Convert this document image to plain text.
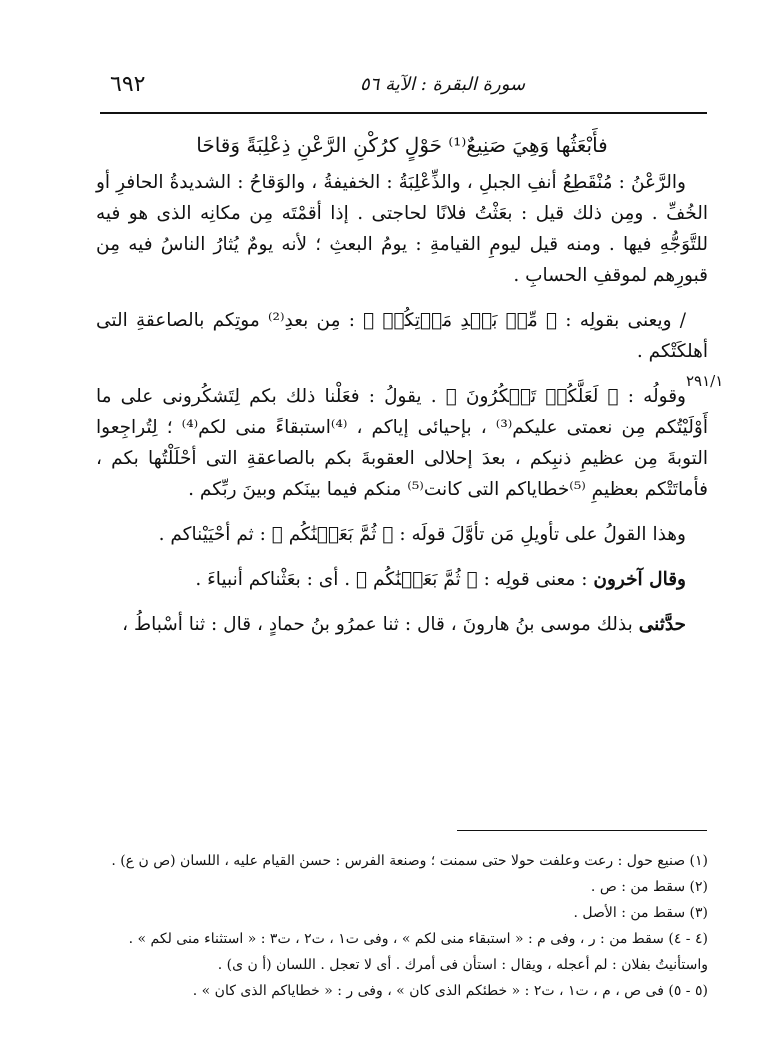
٦٩٢	سورة البقرة : الآية ٥٦
٢٩١/١

فأَبْعَثُها وَهِيَ صَنِيعٌ⁽¹⁾ حَوْلٍ كرُكْنِ الرَّعْنِ ذِعْلِبَةً وَقاحَا

والرَّعْنُ : مُنْقَطِعُ أنفِ الجبلِ ، والذِّعْلِبَةُ : الخفيفةُ ، والوَقاحُ : الشديدةُ الحافرِ أو الخُفِّ . ومِن ذلك قيل : بعَثْتُ فلانًا لحاجتى . إذا أقمْتَه مِن مكانِه الذى هو فيه للتَّوَجُّهِ فيها . ومنه قيل ليومِ القيامةِ : يومُ البعثِ ؛ لأنه يومٌ يُثارُ الناسُ فيه مِن قبورِهم لموقفِ الحسابِ .

/ ويعنى بقولِه : ﴿ مِّنۢ بَعۡدِ مَوۡتِكُمۡ ﴾ : مِن بعدِ⁽²⁾ موتِكم بالصاعقةِ التى أهلكَتْكم .

وقولُه : ﴿ لَعَلَّكُمۡ تَشۡكُرُونَ ﴾ . يقولُ : فعَلْنا ذلك بكم لِتَشكُرونى على ما أَوْلَيْتُكم مِن نعمتى عليكم⁽³⁾ ، بإحيائى إياكم ، ⁽⁴⁾استبقاءً منى لكم⁽⁴⁾ ؛ لِتُراجِعوا التوبةَ مِن عظيمِ ذنبِكم ، بعدَ إحلالى العقوبةَ بكم بالصاعقةِ التى أحْلَلْتُها بكم ، فأماتَتْكم بعظيمِ ⁽⁵⁾خطاياكم التى كانت⁽⁵⁾ منكم فيما بينَكم وبينَ ربِّكم .

وهذا القولُ على تأويلِ مَن تأوَّلَ قولَه : ﴿ ثُمَّ بَعَثۡنَٰكُم ﴾ : ثم أحْيَيْناكم .

وقال آخرون : معنى قولِه : ﴿ ثُمَّ بَعَثۡنَٰكُم ﴾ . أى : بعَثْناكم أنبياءَ .

حدَّثنى بذلك موسى بنُ هارونَ ، قال : ثنا عمرُو بنُ حمادٍ ، قال : ثنا أسْباطُ ،

(١) صنيع حول : رعت وعلفت حولا حتى سمنت ؛ وصنعة الفرس : حسن القيام عليه ، اللسان (ص ن ع) .

(٢) سقط من : ص .

(٣) سقط من : الأصل .

(٤ - ٤) سقط من : ر ، وفى م : « استبقاء منى لكم » ، وفى ت١ ، ت٢ ، ت٣ : « استثناء منى لكم » . واستأنيتُ بفلان : لم أعجله ، ويقال : استأن فى أمرك . أى لا تعجل . اللسان (أ ن ى) .

(٥ - ٥) فى ص ، م ، ت١ ، ت٢ : « خطئكم الذى كان » ، وفى ر : « خطاياكم الذى كان » .
